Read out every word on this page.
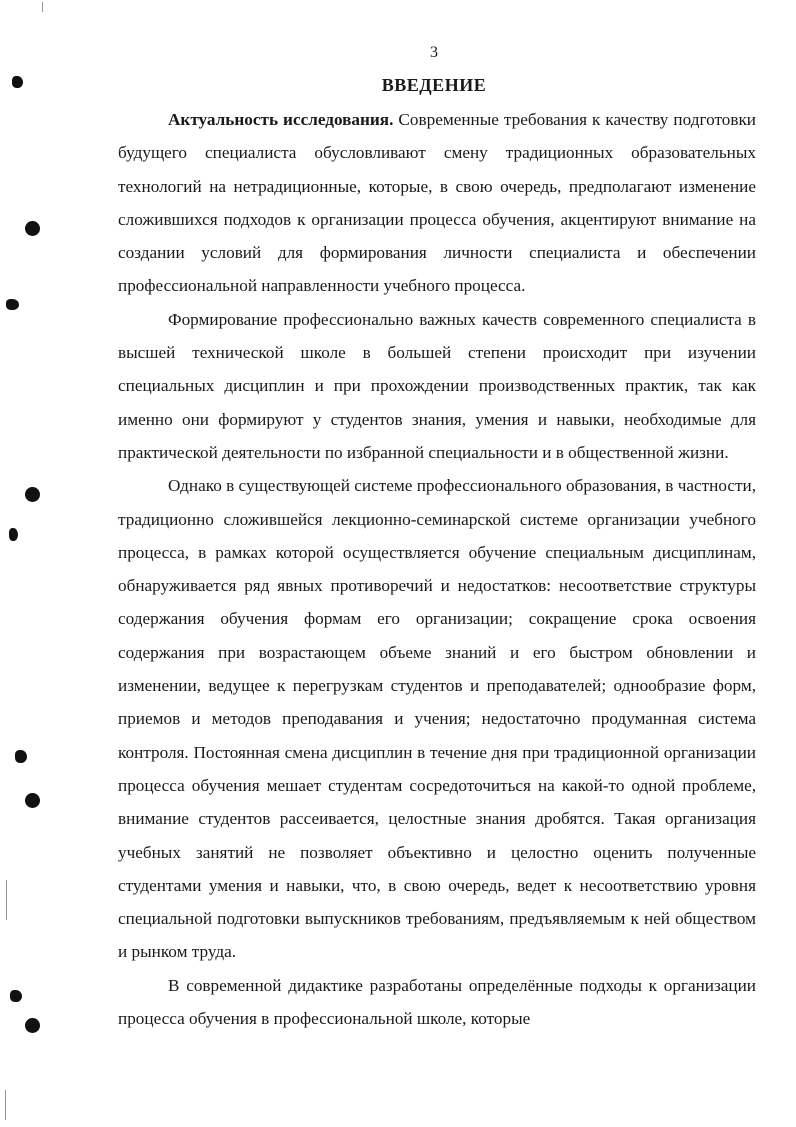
3
ВВЕДЕНИЕ

Актуальность исследования. Современные требования к качеству подготовки будущего специалиста обусловливают смену традиционных образовательных технологий на нетрадиционные, которые, в свою очередь, предполагают изменение сложившихся подходов к организации процесса обучения, акцентируют внимание на создании условий для формирования личности специалиста и обеспечении профессиональной направленности учебного процесса.

Формирование профессионально важных качеств современного специалиста в высшей технической школе в большей степени происходит при изучении специальных дисциплин и при прохождении производственных практик, так как именно они формируют у студентов знания, умения и навыки, необходимые для практической деятельности по избранной специальности и в общественной жизни.

Однако в существующей системе профессионального образования, в частности, традиционно сложившейся лекционно-семинарской системе организации учебного процесса, в рамках которой осуществляется обучение специальным дисциплинам, обнаруживается ряд явных противоречий и недостатков: несоответствие структуры содержания обучения формам его организации; сокращение срока освоения содержания при возрастающем объеме знаний и его быстром обновлении и изменении, ведущее к перегрузкам студентов и преподавателей; однообразие форм, приемов и методов преподавания и учения; недостаточно продуманная система контроля. Постоянная смена дисциплин в течение дня при традиционной организации процесса обучения мешает студентам сосредоточиться на какой-то одной проблеме, внимание студентов рассеивается, целостные знания дробятся. Такая организация учебных занятий не позволяет объективно и целостно оценить полученные студентами умения и навыки, что, в свою очередь, ведет к несоответствию уровня специальной подготовки выпускников требованиям, предъявляемым к ней обществом и рынком труда.

В современной дидактике разработаны определённые подходы к организации процесса обучения в профессиональной школе, которые
